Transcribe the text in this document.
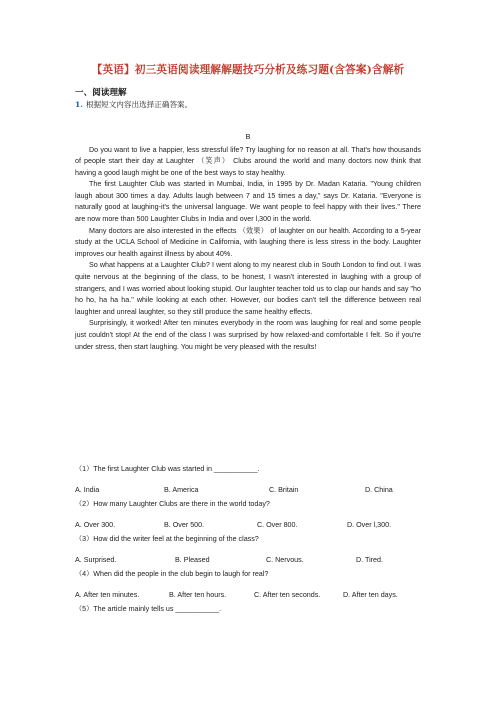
【英语】初三英语阅读理解解题技巧分析及练习题(含答案)含解析
一、阅读理解
1. 根据短文内容出选择正确答案。
B

Do you want to live a happier, less stressful life? Try laughing for no reason at all. That's how thousands of people start their day at Laughter （笑声） Clubs around the world and many doctors now think that having a good laugh might be one of the best ways to stay healthy.

The first Laughter Club was started in Mumbai, India, in 1995 by Dr. Madan Kataria. "Young children laugh about 300 times a day. Adults laugh between 7 and 15 times a day," says Dr. Kataria. "Everyone is naturally good at laughing-it's the universal language. We want people to feel happy with their lives." There are now more than 500 Laughter Clubs in India and over l,300 in the world.

Many doctors are also interested in the effects （效果） of laughter on our health. According to a 5-year study at the UCLA School of Medicine in California, with laughing there is less stress in the body. Laughter improves our health against illness by about 40%.

So what happens at a Laughter Club? I went along to my nearest club in South London to find out. I was quite nervous at the beginning of the class, to be honest, I wasn't interested in laughing with a group of strangers, and I was worried about looking stupid. Our laughter teacher told us to clap our hands and say "ho ho ho, ha ha ha." while looking at each other. However, our bodies can't tell the difference between real laughter and unreal laughter, so they still produce the same healthy effects.

Surprisingly, it worked! After ten minutes everybody in the room was laughing for real and some people just couldn't stop! At the end of the class I was surprised by how relaxed-and comfortable I felt. So if you're under stress, then start laughing. You might be very pleased with the results!

（1）The first Laughter Club was started in ___________.
A. India	B. America	C. Britain	D. China
（2）How many Laughter Clubs are there in the world today?
A. Over 300.	B. Over 500.	C. Over 800.	D. Over l,300.
（3）How did the writer feel at the beginning of the class?
A. Surprised.	B. Pleased	C. Nervous.	D. Tired.
（4）When did the people in the club begin to laugh for real?
A. After ten minutes.	B. After ten hours.	C. After ten seconds.	D. After ten days.
（5）The article mainly tells us ___________.
